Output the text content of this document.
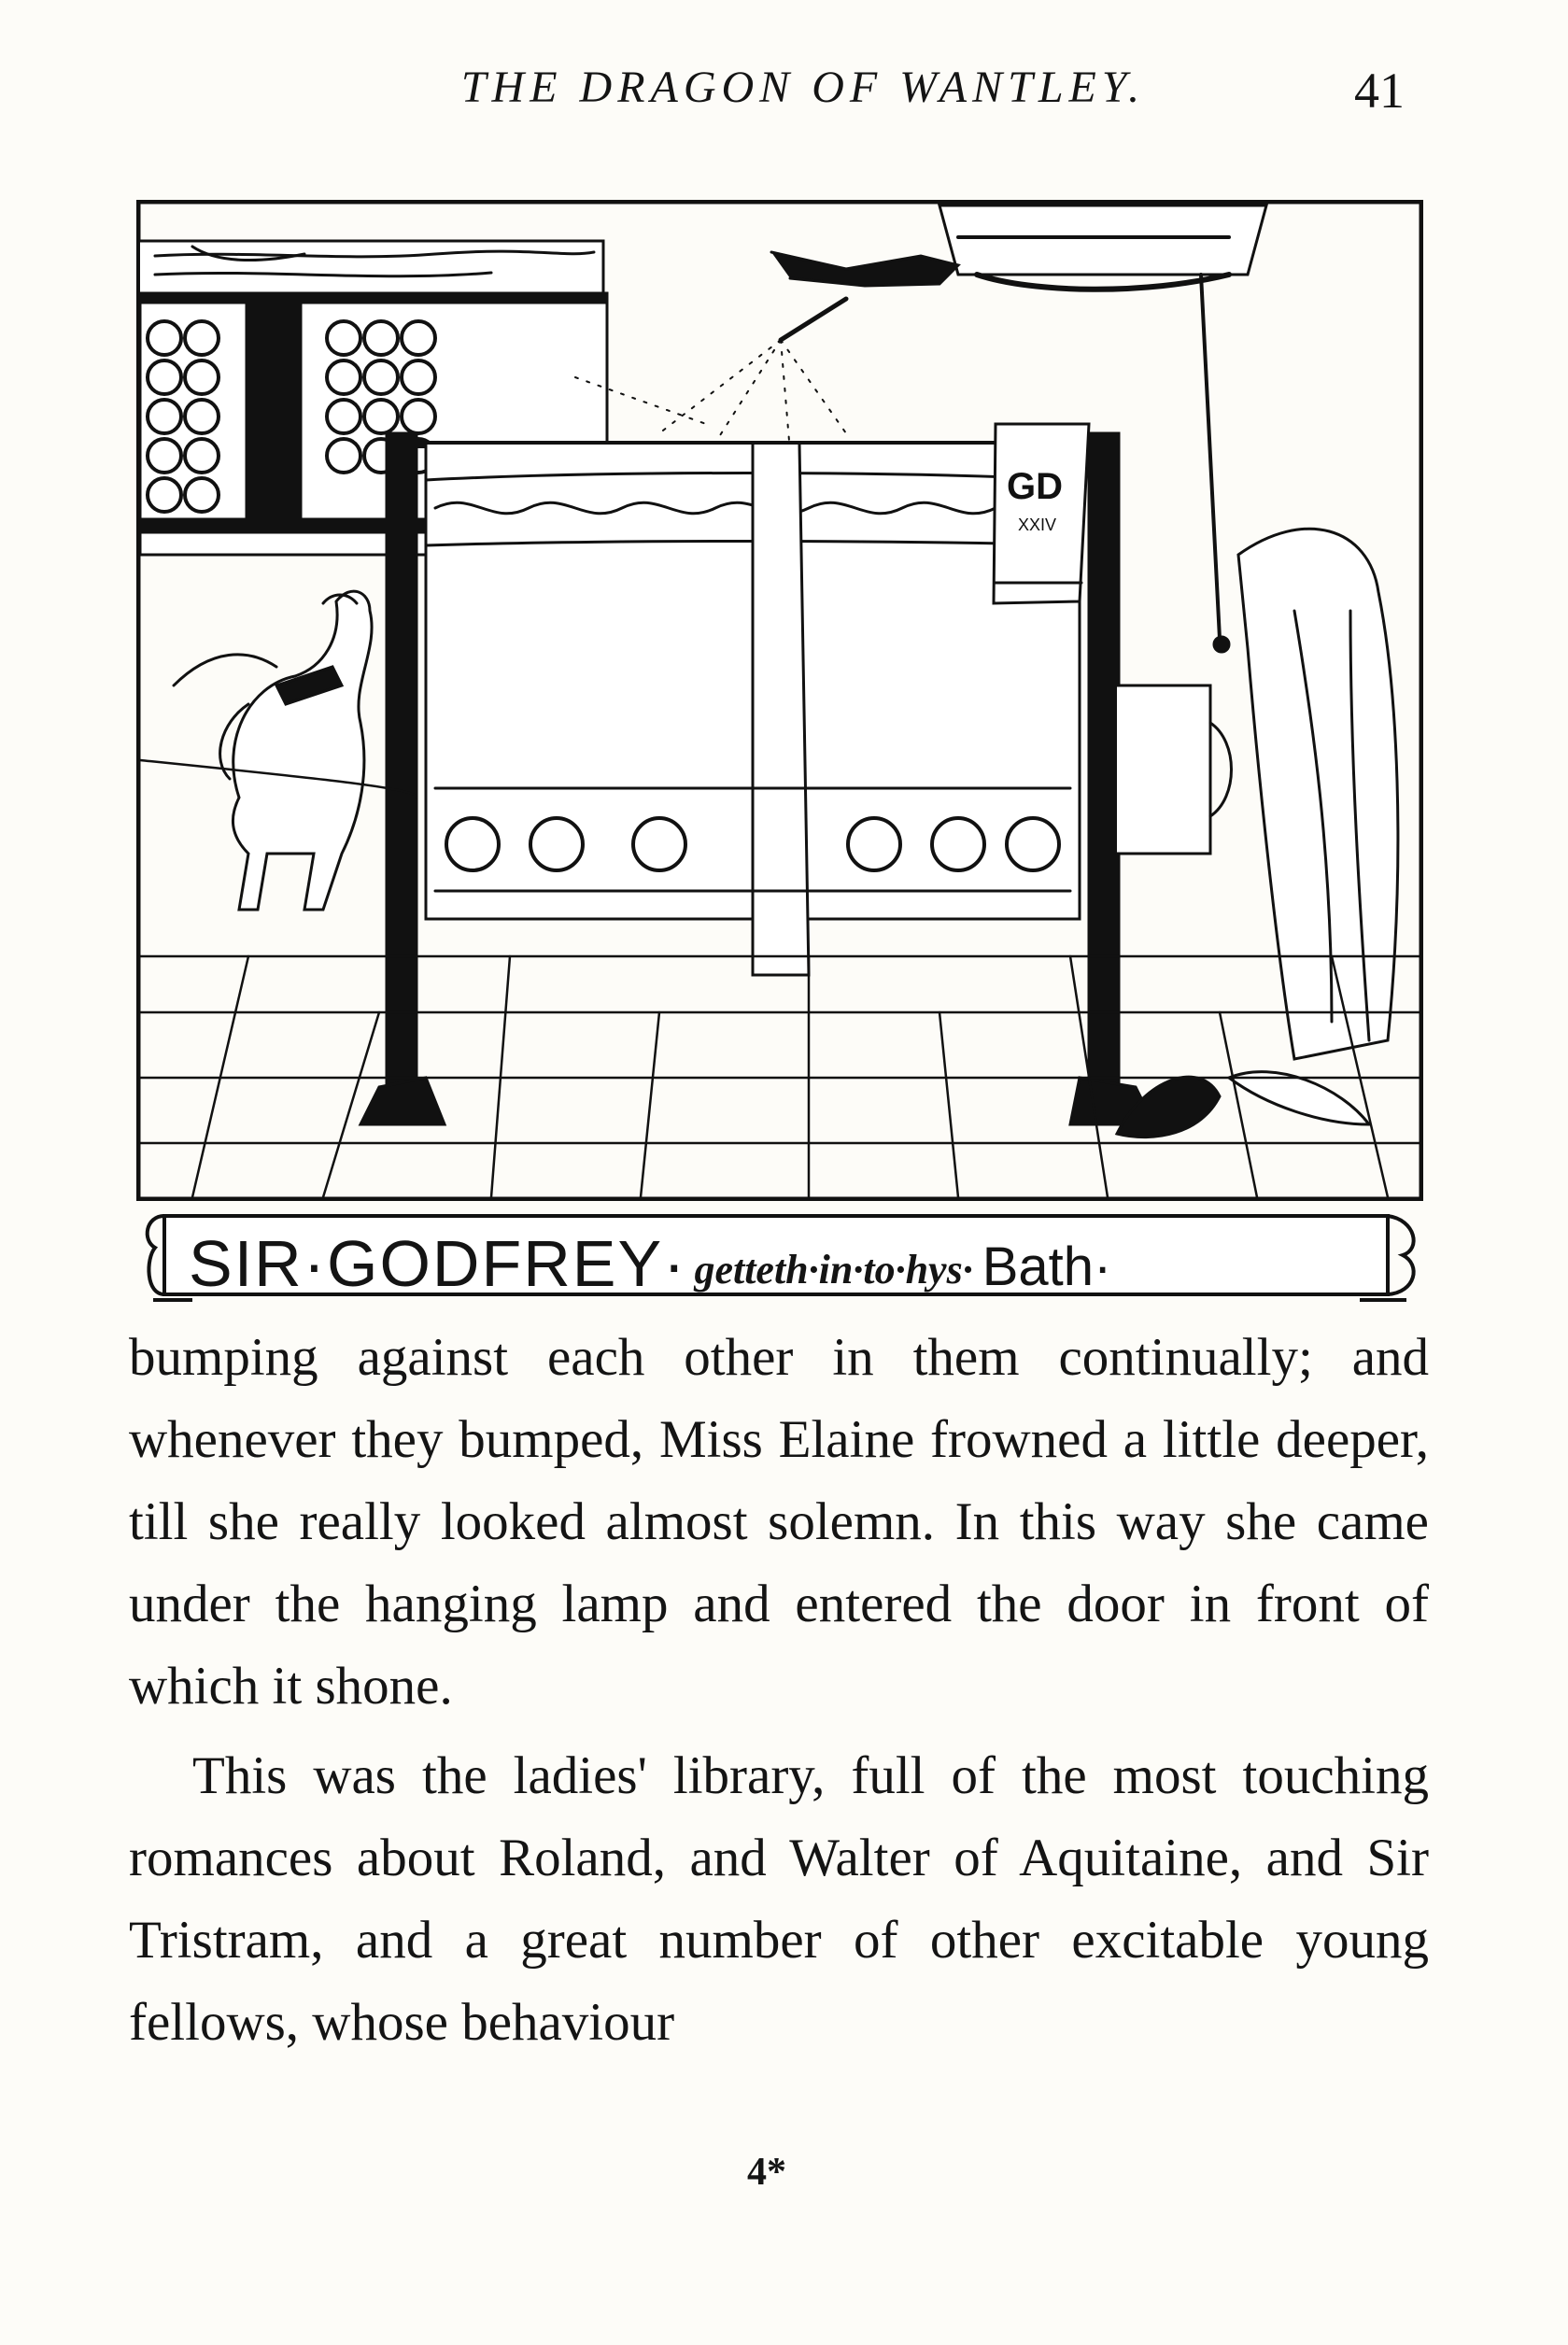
THE DRAGON OF WANTLEY.	41
GD
XXIV
SIR·GODFREY· getteth·in·to·hys· Bath·

bumping against each other in them continually; and whenever they bumped, Miss Elaine frowned a little deeper, till she really looked almost solemn. In this way she came under the hanging lamp and entered the door in front of which it shone.

This was the ladies' library, full of the most touching romances about Roland, and Walter of Aquitaine, and Sir Tristram, and a great number of other excitable young fellows, whose behaviour

4*
